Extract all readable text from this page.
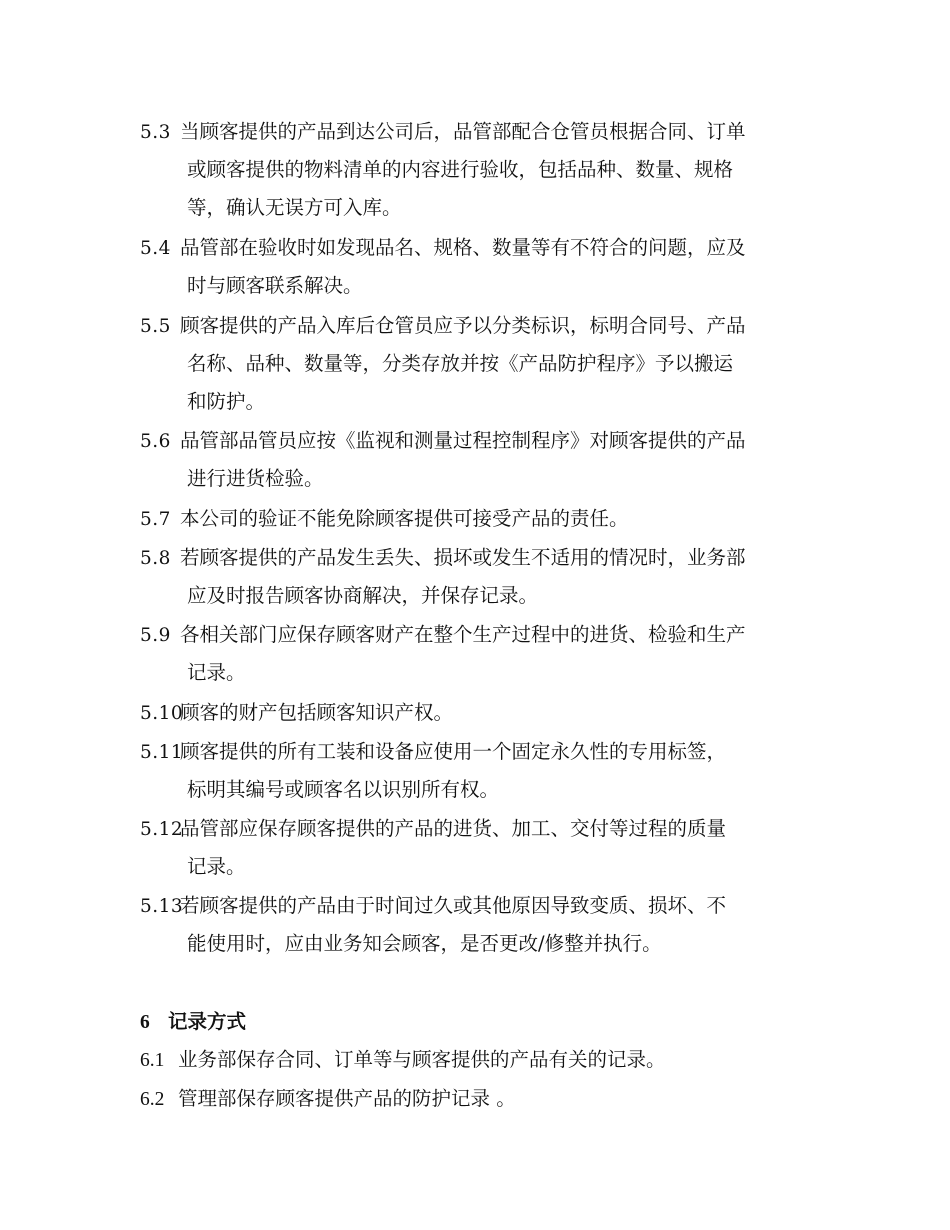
5.3 当顾客提供的产品到达公司后，品管部配合仓管员根据合同、订单
或顾客提供的物料清单的内容进行验收，包括品种、数量、规格
等，确认无误方可入库。
5.4 品管部在验收时如发现品名、规格、数量等有不符合的问题，应及
时与顾客联系解决。
5.5 顾客提供的产品入库后仓管员应予以分类标识，标明合同号、产品
名称、品种、数量等，分类存放并按《产品防护程序》予以搬运
和防护。
5.6 品管部品管员应按《监视和测量过程控制程序》对顾客提供的产品
进行进货检验。
5.7 本公司的验证不能免除顾客提供可接受产品的责任。
5.8 若顾客提供的产品发生丢失、损坏或发生不适用的情况时，业务部
应及时报告顾客协商解决，并保存记录。
5.9 各相关部门应保存顾客财产在整个生产过程中的进货、检验和生产
记录。
5.10顾客的财产包括顾客知识产权。
5.11顾客提供的所有工装和设备应使用一个固定永久性的专用标签，
标明其编号或顾客名以识别所有权。
5.12品管部应保存顾客提供的产品的进货、加工、交付等过程的质量
记录。
5.13若顾客提供的产品由于时间过久或其他原因导致变质、损坏、不
能使用时，应由业务知会顾客，是否更改/修整并执行。
6 记录方式
6.1 业务部保存合同、订单等与顾客提供的产品有关的记录。
6.2 管理部保存顾客提供产品的防护记录 。
